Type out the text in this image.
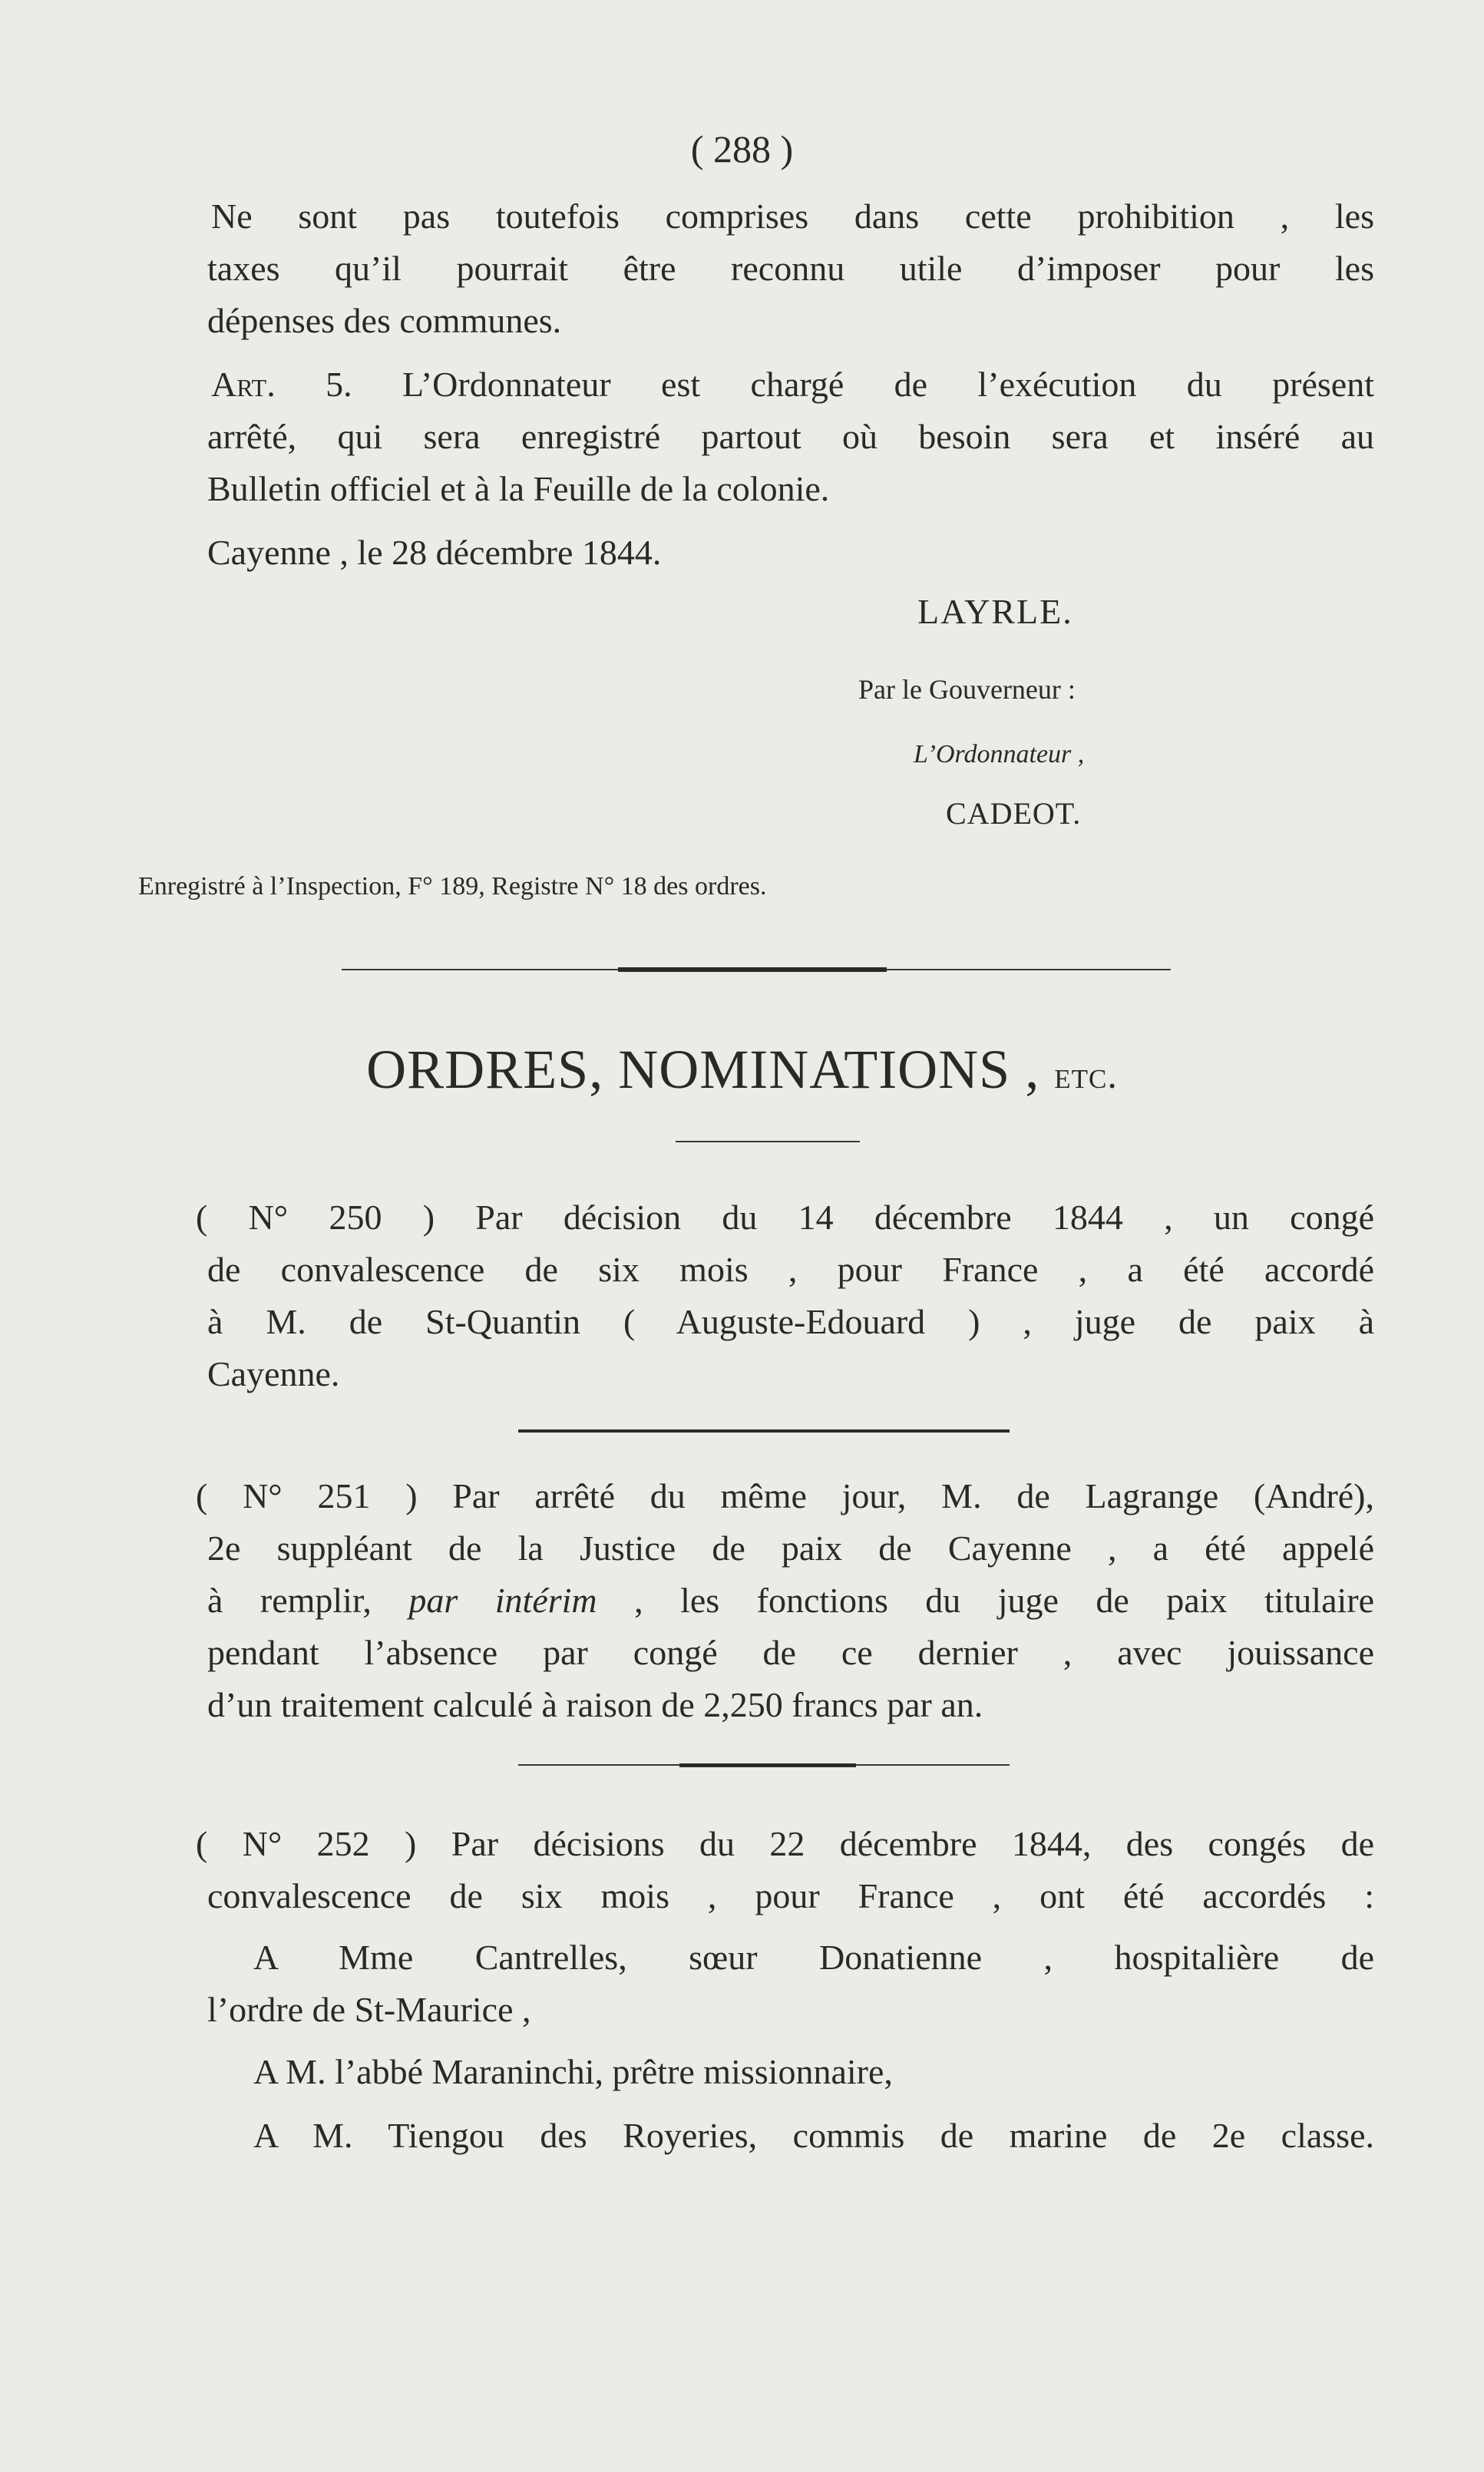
( 288 )
Ne sont pas toutefois comprises dans cette prohibition , les
taxes qu’il pourrait être reconnu utile d’imposer pour les
dépenses des communes.
Art. 5. L’Ordonnateur est chargé de l’exécution du présent
arrêté, qui sera enregistré partout où besoin sera et inséré au
Bulletin officiel et à la Feuille de la colonie.
Cayenne , le 28 décembre 1844.
LAYRLE.
Par le Gouverneur :
L’Ordonnateur ,
CADEOT.
Enregistré à l’Inspection, F° 189, Registre N° 18 des ordres.
ORDRES, NOMINATIONS , etc.
( N° 250 ) Par décision du 14 décembre 1844 , un congé
de convalescence de six mois , pour France , a été accordé
à M. de St-Quantin ( Auguste-Edouard ) , juge de paix à
Cayenne.
( N° 251 ) Par arrêté du même jour, M. de Lagrange (André),
2e suppléant de la Justice de paix de Cayenne , a été appelé
à remplir, par intérim , les fonctions du juge de paix titulaire
pendant l’absence par congé de ce dernier , avec jouissance
d’un traitement calculé à raison de 2,250 francs par an.
( N° 252 ) Par décisions du 22 décembre 1844, des congés de
convalescence de six mois , pour France , ont été accordés :
A Mme Cantrelles, sœur Donatienne , hospitalière de
l’ordre de St-Maurice ,
A M. l’abbé Maraninchi, prêtre missionnaire,
A M. Tiengou des Royeries, commis de marine de 2e classe.
